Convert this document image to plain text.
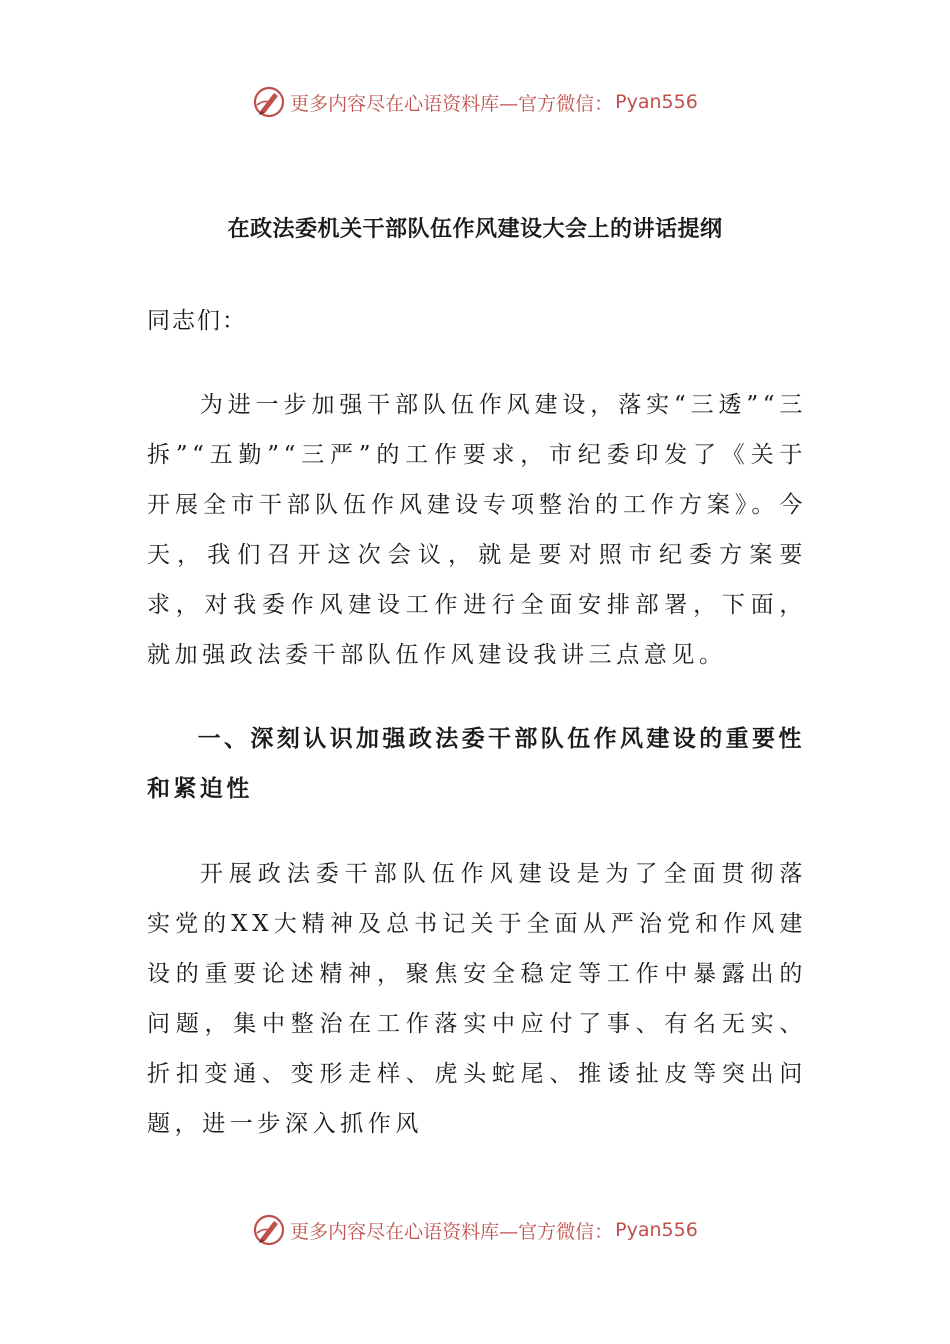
更多内容尽在心语资料库—官方微信： Pyan556
在政法委机关干部队伍作风建设大会上的讲话提纲
同志们：

为进一步加强干部队伍作风建设，落实“三透”“三拆”“五勤”“三严”的工作要求，市纪委印发了《关于开展全市干部队伍作风建设专项整治的工作方案》。今天，我们召开这次会议，就是要对照市纪委方案要求，对我委作风建设工作进行全面安排部署，下面，就加强政法委干部队伍作风建设我讲三点意见。

一、深刻认识加强政法委干部队伍作风建设的重要性和紧迫性

开展政法委干部队伍作风建设是为了全面贯彻落实党的XX大精神及总书记关于全面从严治党和作风建设的重要论述精神，聚焦安全稳定等工作中暴露出的问题，集中整治在工作落实中应付了事、有名无实、折扣变通、变形走样、虎头蛇尾、推诿扯皮等突出问题，进一步深入抓作风

更多内容尽在心语资料库—官方微信： Pyan556
